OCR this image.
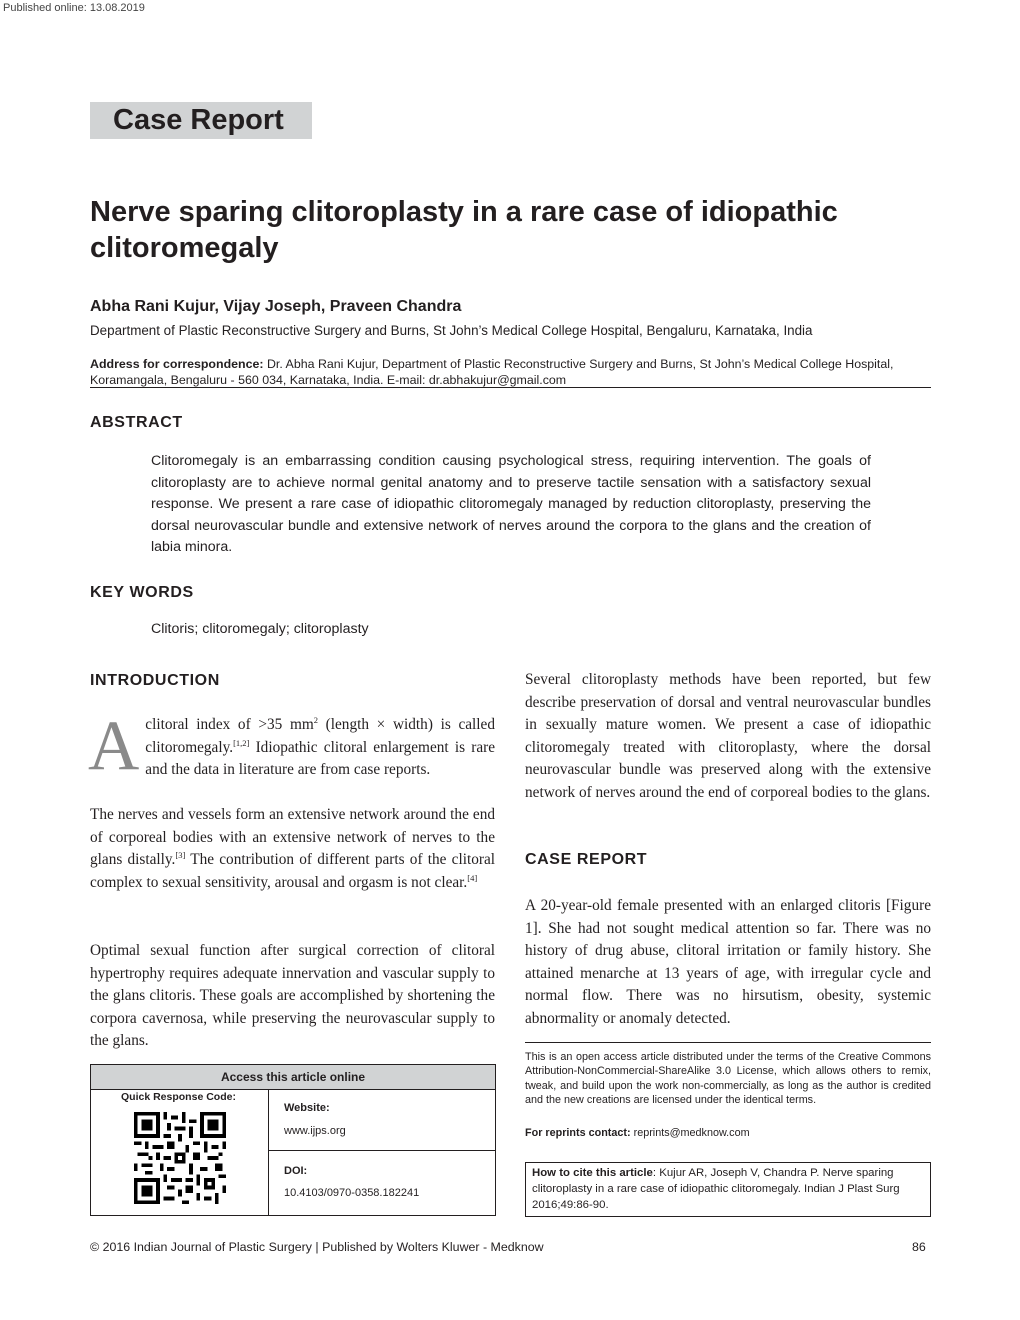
Published online: 13.08.2019
Case Report
Nerve sparing clitoroplasty in a rare case of idiopathic clitoromegaly
Abha Rani Kujur, Vijay Joseph, Praveen Chandra
Department of Plastic Reconstructive Surgery and Burns, St John’s Medical College Hospital, Bengaluru, Karnataka, India
Address for correspondence: Dr. Abha Rani Kujur, Department of Plastic Reconstructive Surgery and Burns, St John’s Medical College Hospital, Koramangala, Bengaluru - 560 034, Karnataka, India. E-mail: dr.abhakujur@gmail.com
ABSTRACT
Clitoromegaly is an embarrassing condition causing psychological stress, requiring intervention. The goals of clitoroplasty are to achieve normal genital anatomy and to preserve tactile sensation with a satisfactory sexual response. We present a rare case of idiopathic clitoromegaly managed by reduction clitoroplasty, preserving the dorsal neurovascular bundle and extensive network of nerves around the corpora to the glans and the creation of labia minora.
KEY WORDS
Clitoris; clitoromegaly; clitoroplasty
INTRODUCTION
Aclitoral index of >35 $mm^2$ (length × width) is called clitoromegaly.[1,2] Idiopathic clitoral enlargement is rare and the data in literature are from case reports.
The nerves and vessels form an extensive network around the end of corporeal bodies with an extensive network of nerves to the glans distally.[3] The contribution of different parts of the clitoral complex to sexual sensitivity, arousal and orgasm is not clear.[4]
Optimal sexual function after surgical correction of clitoral hypertrophy requires adequate innervation and vascular supply to the glans clitoris. These goals are accomplished by shortening the corpora cavernosa, while preserving the neurovascular supply to the glans.
Several clitoroplasty methods have been reported, but few describe preservation of dorsal and ventral neurovascular bundles in sexually mature women. We present a case of idiopathic clitoromegaly treated with clitoroplasty, where the dorsal neurovascular bundle was preserved along with the extensive network of nerves around the end of corporeal bodies to the glans.
CASE REPORT
A 20-year-old female presented with an enlarged clitoris [Figure 1]. She had not sought medical attention so far. There was no history of drug abuse, clitoral irritation or family history. She attained menarche at 13 years of age, with irregular cycle and normal flow. There was no hirsutism, obesity, systemic abnormality or anomaly detected.
This is an open access article distributed under the terms of the Creative Commons Attribution-NonCommercial-ShareAlike 3.0 License, which allows others to remix, tweak, and build upon the work non-commercially, as long as the author is credited and the new creations are licensed under the identical terms.
For reprints contact: reprints@medknow.com
How to cite this article: Kujur AR, Joseph V, Chandra P. Nerve sparing clitoroplasty in a rare case of idiopathic clitoromegaly. Indian J Plast Surg 2016;49:86-90.
Access this article online
Quick Response Code:
Website:
www.ijps.org
DOI:
10.4103/0970-0358.182241
© 2016 Indian Journal of Plastic Surgery | Published by Wolters Kluwer - Medknow	86
